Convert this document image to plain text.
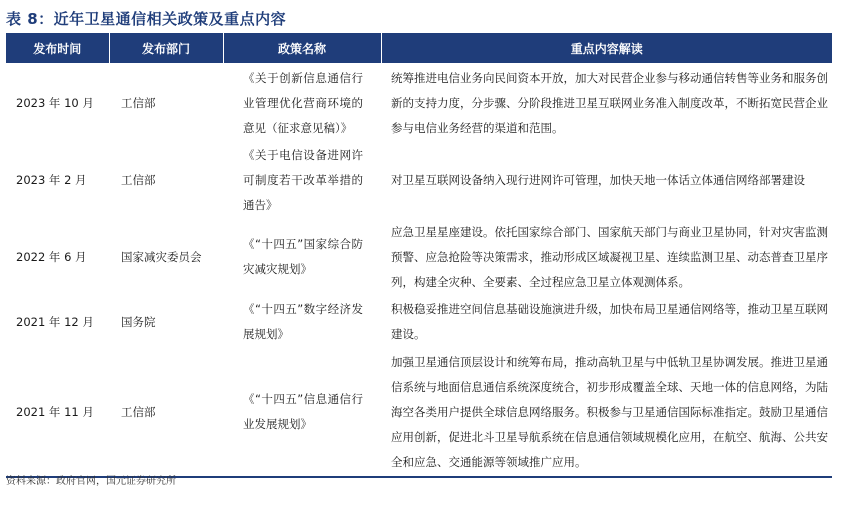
表 8：近年卫星通信相关政策及重点内容
发布时间	发布部门	政策名称	重点内容解读
2023 年 10 月	工信部	《关于创新信息通信行业管理优化营商环境的意见（征求意见稿）》	统筹推进电信业务向民间资本开放，加大对民营企业参与移动通信转售等业务和服务创新的支持力度，分步骤、分阶段推进卫星互联网业务准入制度改革，不断拓宽民营企业参与电信业务经营的渠道和范围。
2023 年 2 月	工信部	《关于电信设备进网许可制度若干改革举措的通告》	对卫星互联网设备纳入现行进网许可管理，加快天地一体话立体通信网络部署建设
2022 年 6 月	国家减灾委员会	《“十四五”国家综合防灾减灾规划》	应急卫星星座建设。依托国家综合部门、国家航天部门与商业卫星协同，针对灾害监测预警、应急抢险等决策需求，推动形成区域凝视卫星、连续监测卫星、动态普查卫星序列，构建全灾种、全要素、全过程应急卫星立体观测体系。
2021 年 12 月	国务院	《“十四五”数字经济发展规划》	积极稳妥推进空间信息基础设施演进升级，加快布局卫星通信网络等，推动卫星互联网建设。
2021 年 11 月	工信部	《“十四五”信息通信行业发展规划》	加强卫星通信顶层设计和统筹布局，推动高轨卫星与中低轨卫星协调发展。推进卫星通信系统与地面信息通信系统深度统合，初步形成覆盖全球、天地一体的信息网络，为陆海空各类用户提供全球信息网络服务。积极参与卫星通信国际标准指定。鼓励卫星通信应用创新，促进北斗卫星导航系统在信息通信领域规模化应用，在航空、航海、公共安全和应急、交通能源等领域推广应用。
资料来源：政府官网，国元证券研究所
